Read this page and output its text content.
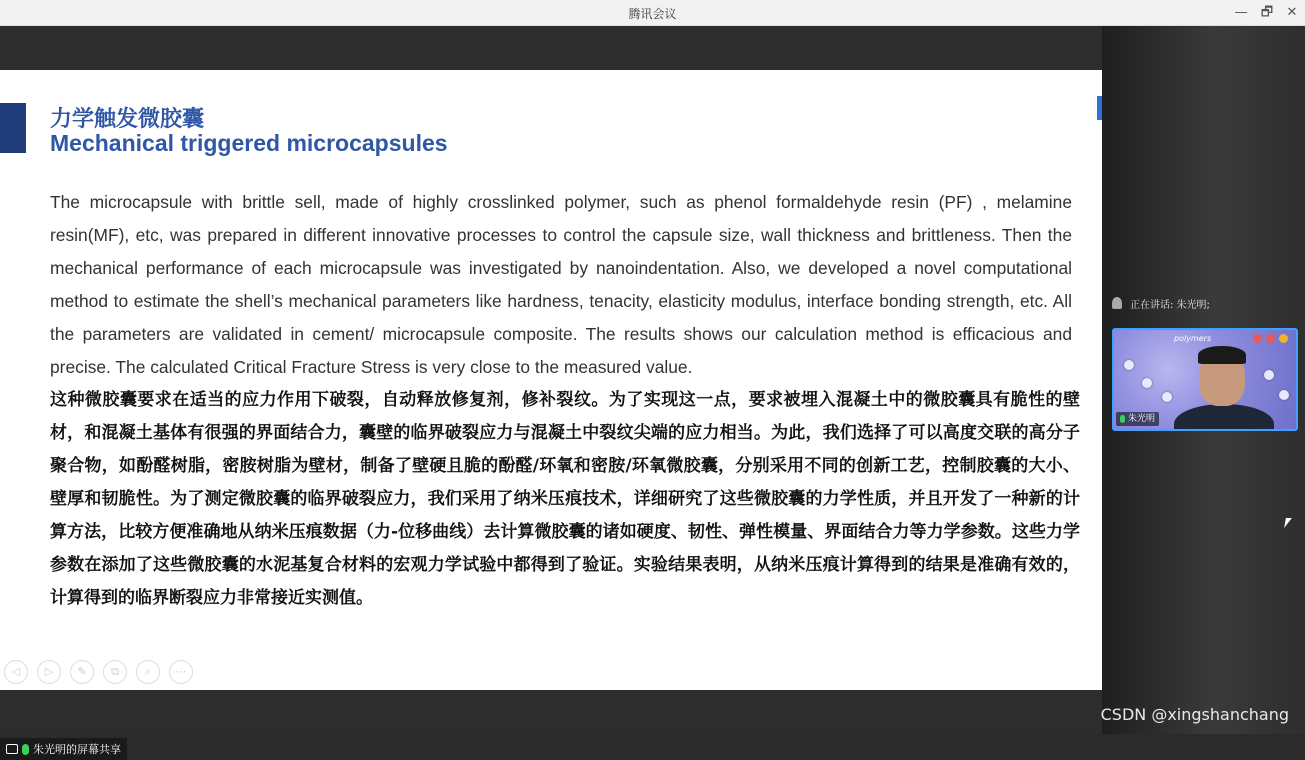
腾讯会议	—	🗗	✕
力学触发微胶囊
Mechanical triggered microcapsules

The microcapsule with brittle sell, made of highly crosslinked polymer, such as phenol formaldehyde resin (PF) , melamine resin(MF), etc, was prepared in different innovative processes to control the capsule size, wall thickness and brittleness. Then the mechanical performance of each microcapsule was investigated by nanoindentation. Also, we developed a novel computational method to estimate the shell’s mechanical parameters like hardness, tenacity, elasticity modulus, interface bonding strength, etc. All the parameters are validated in cement/ microcapsule composite. The results shows our calculation method is efficacious and precise. The calculated Critical Fracture Stress is very close to the measured value.

这种微胶囊要求在适当的应力作用下破裂，自动释放修复剂，修补裂纹。为了实现这一点，要求被埋入混凝土中的微胶囊具有脆性的壁材，和混凝土基体有很强的界面结合力，囊壁的临界破裂应力与混凝土中裂纹尖端的应力相当。为此，我们选择了可以高度交联的高分子聚合物，如酚醛树脂，密胺树脂为壁材，制备了壁硬且脆的酚醛/环氧和密胺/环氧微胶囊，分别采用不同的创新工艺，控制胶囊的大小、壁厚和韧脆性。为了测定微胶囊的临界破裂应力，我们采用了纳米压痕技术，详细研究了这些微胶囊的力学性质，并且开发了一种新的计算方法，比较方便准确地从纳米压痕数据（力-位移曲线）去计算微胶囊的诸如硬度、韧性、弹性模量、界面结合力等力学参数。这些力学参数在添加了这些微胶囊的水泥基复合材料的宏观力学试验中都得到了验证。实验结果表明，从纳米压痕计算得到的结果是准确有效的，计算得到的临界断裂应力非常接近实测值。

◁	▷	✎	⧉	⌕	⋯
朱光明的屏幕共享
正在讲话: 朱光明;
polymers
朱光明
CSDN @xingshanchang
